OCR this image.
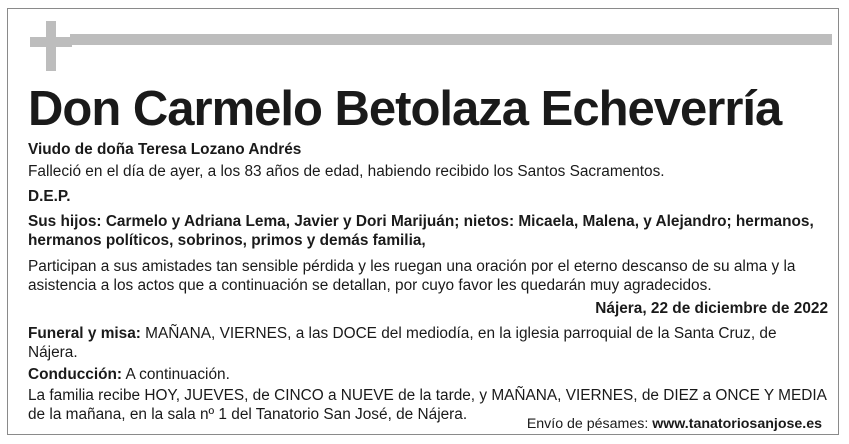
Don Carmelo Betolaza Echeverría
Viudo de doña Teresa Lozano Andrés
Falleció en el día de ayer, a los 83 años de edad, habiendo recibido los Santos Sacramentos.
D.E.P.
Sus hijos: Carmelo y Adriana Lema, Javier y Dori Marijuán; nietos: Micaela, Malena, y Alejandro; hermanos, hermanos políticos, sobrinos, primos y demás familia,
Participan a sus amistades tan sensible pérdida y les ruegan una oración por el eterno descanso de su alma y la asistencia a los actos que a continuación se detallan, por cuyo favor les quedarán muy agradecidos.
Nájera, 22 de diciembre de 2022
Funeral y misa: MAÑANA, VIERNES, a las DOCE del mediodía, en la iglesia parroquial de la Santa Cruz, de Nájera.
Conducción: A continuación.
La familia recibe HOY, JUEVES, de CINCO a NUEVE de la tarde, y MAÑANA, VIERNES, de DIEZ a ONCE Y MEDIA de la mañana, en la sala nº 1 del Tanatorio San José, de Nájera.
Envío de pésames: www.tanatoriosanjose.es
